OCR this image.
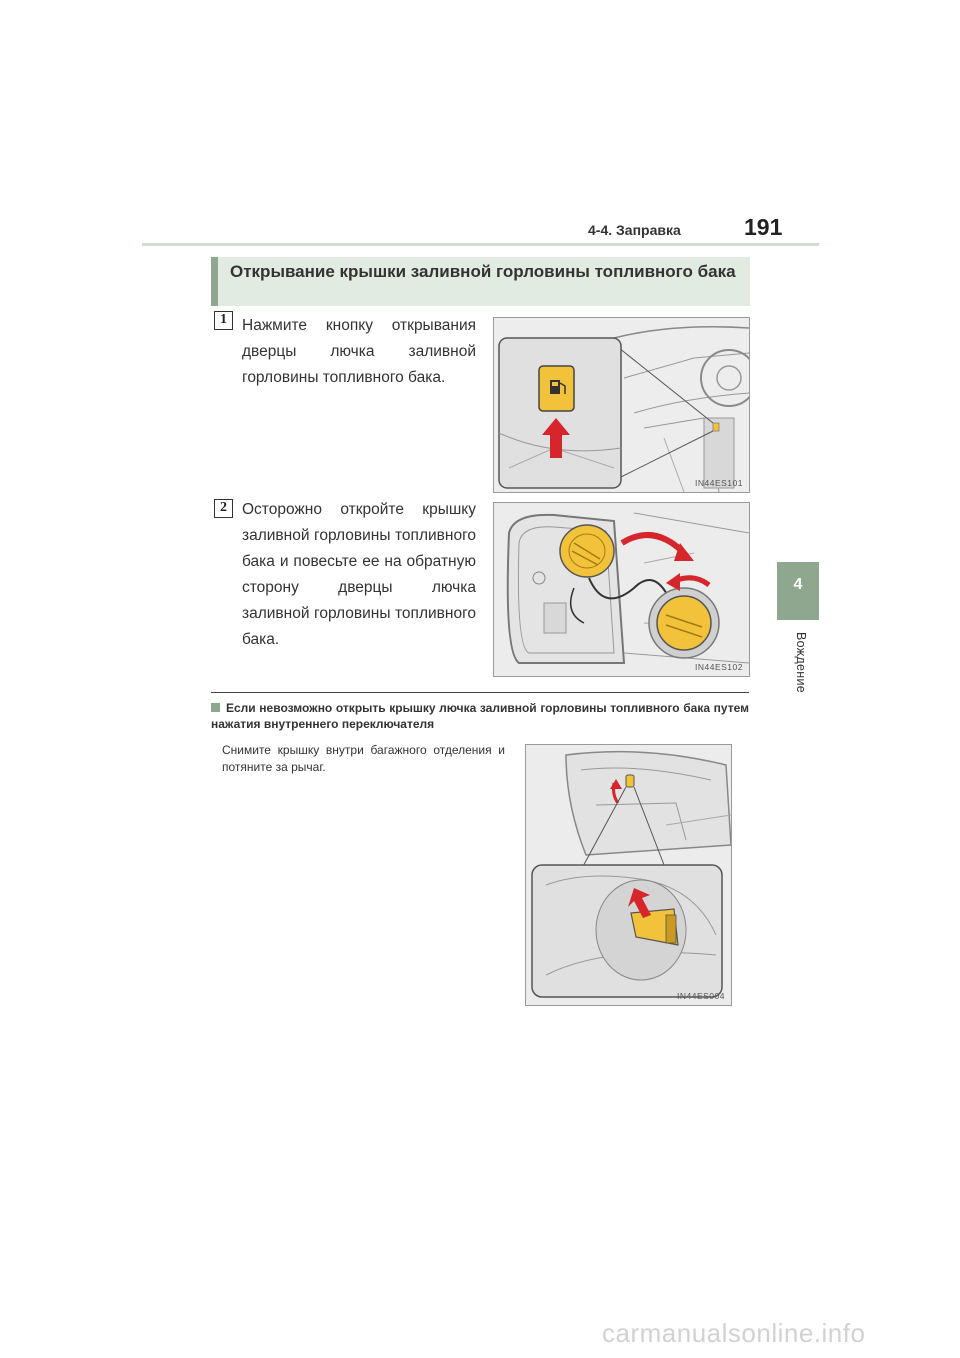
4-4. Заправка	191
4
Вождение

Открывание крышки заливной горловины топливного бака

1 Нажмите кнопку открывания дверцы лючка заливной горловины топливного бака.

IN44ES101
2 Осторожно откройте крышку заливной горловины топливного бака и повесьте ее на обратную сторону дверцы лючка заливной горловины топливного бака.

IN44ES102

Если невозможно открыть крышку лючка заливной горловины топливного бака путем нажатия внутреннего переключателя

Снимите крышку внутри багажного отделения и потяните за рычаг.

IN44ES004
carmanualsonline.info
